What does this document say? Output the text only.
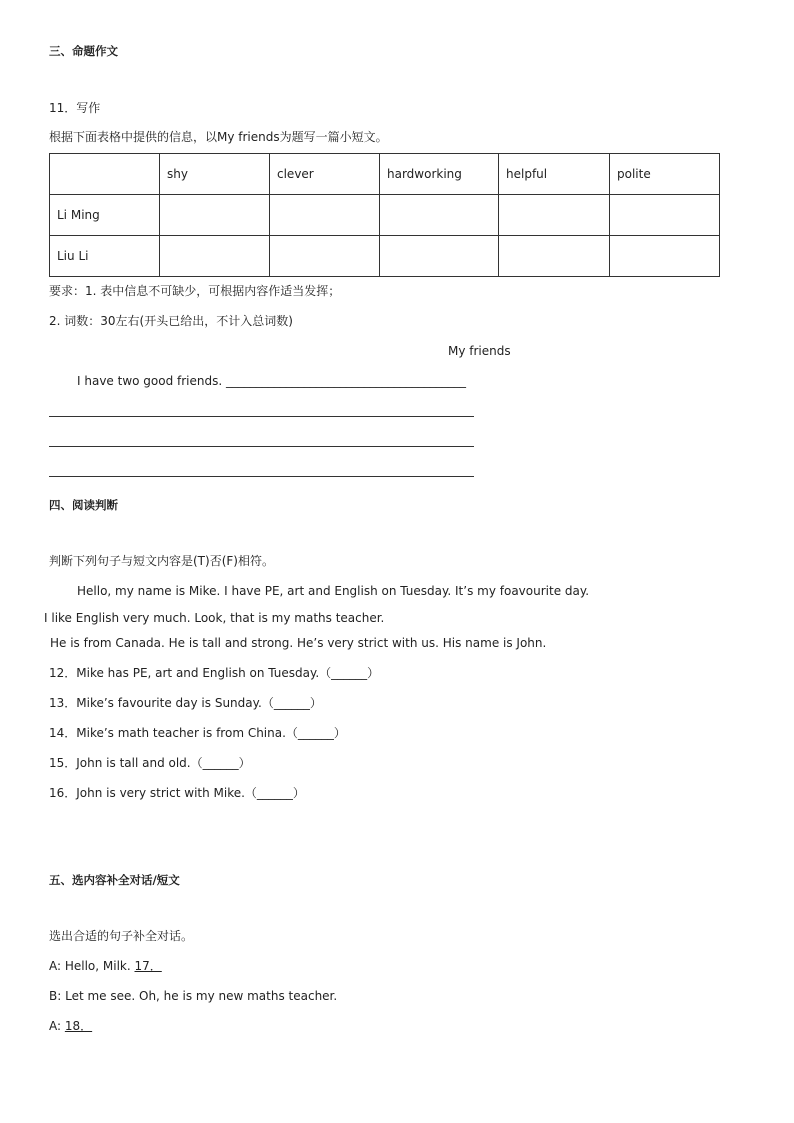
三、命题作文
11．写作
根据下面表格中提供的信息，以My friends为题写一篇小短文。
	shy	clever	hardworking	helpful	polite
Li Ming					
Liu Li					
要求：1. 表中信息不可缺少，可根据内容作适当发挥；
2. 词数：30左右(开头已给出，不计入总词数)
My friends
I have two good friends. ________________________________________
四、阅读判断
判断下列句子与短文内容是(T)否(F)相符。
Hello, my name is Mike. I have PE, art and English on Tuesday. It’s my foavourite day.
I like English very much. Look, that is my maths teacher.
He is from Canada. He is tall and strong. He’s very strict with us. His name is John.
12．Mike has PE, art and English on Tuesday.（______）
13．Mike’s favourite day is Sunday.（______）
14．Mike’s math teacher is from China.（______）
15．John is tall and old.（______）
16．John is very strict with Mike.（______）
五、选内容补全对话/短文
选出合适的句子补全对话。
A: Hello, Milk. 17．
B: Let me see. Oh, he is my new maths teacher.
A: 18．
